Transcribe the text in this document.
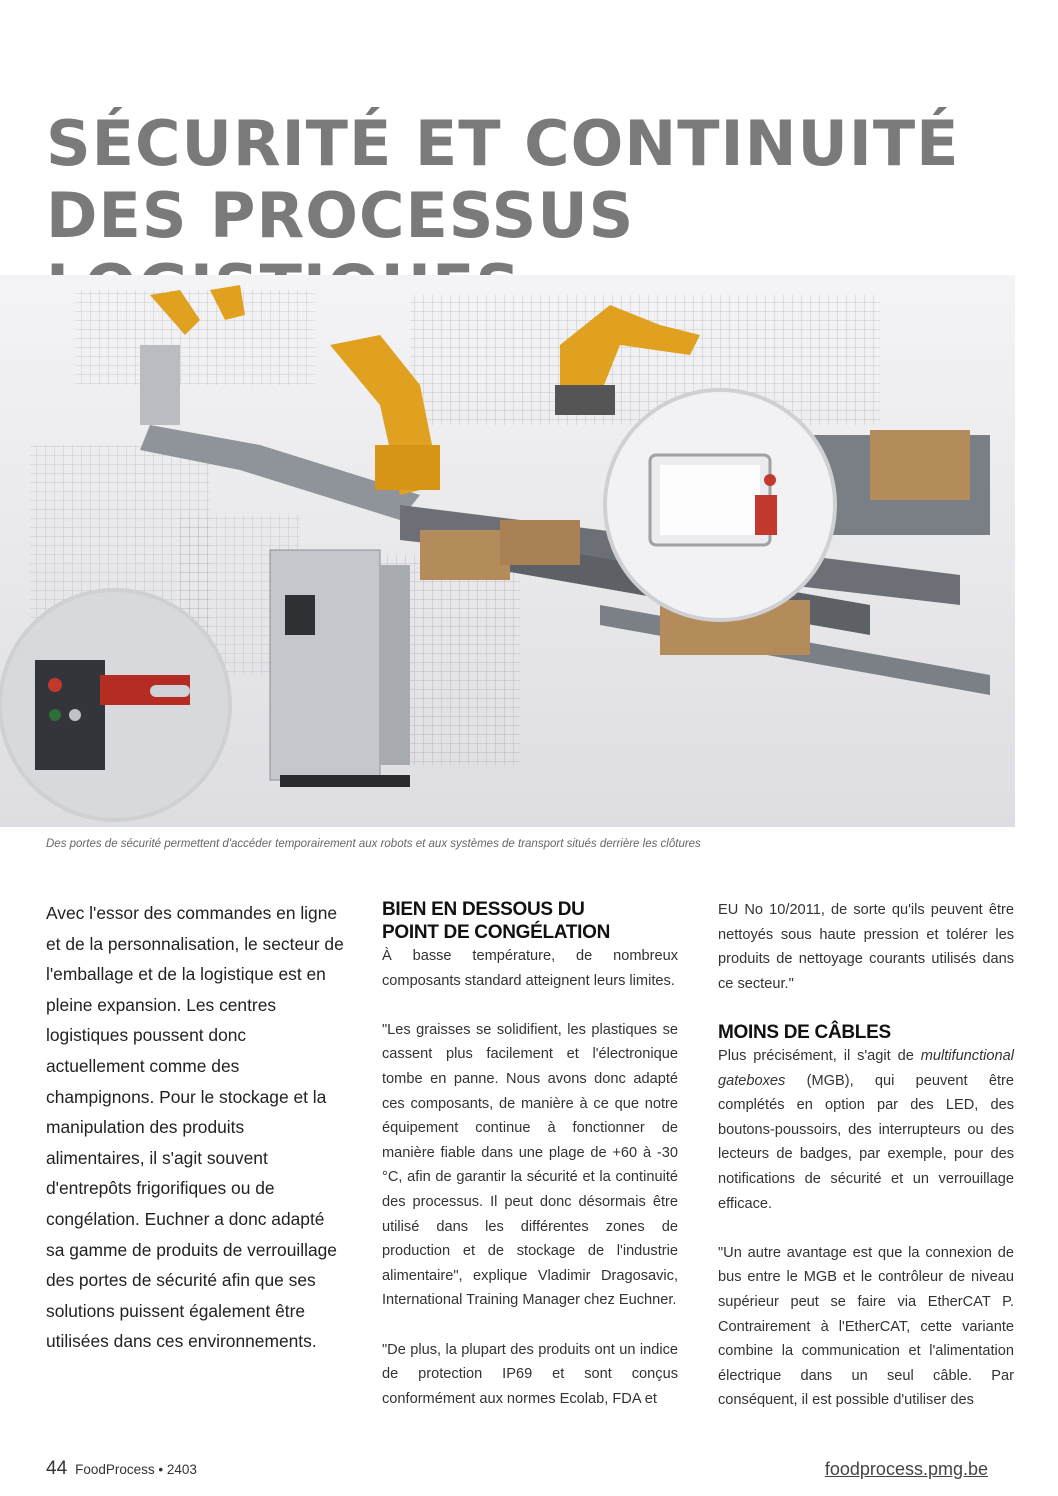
SÉCURITÉ ET CONTINUITÉ
DES PROCESSUS
Des portes de sécurité permettent d'accéder temporairement aux robots et aux systèmes de transport situés derrière les clôtures

Avec l'essor des commandes en ligne et de la personnalisation, le secteur de l'emballage et de la logistique est en pleine expansion. Les centres logistiques poussent donc actuellement comme des champignons. Pour le stockage et la manipulation des produits alimentaires, il s'agit souvent d'entrepôts frigorifiques ou de congélation. Euchner a donc adapté sa gamme de produits de verrouillage des portes de sécurité afin que ses solutions puissent également être utilisées dans ces environnements.

BIEN EN DESSOUS DU
POINT DE CONGÉLATION

À basse température, de nombreux composants standard atteignent leurs limites.

"Les graisses se solidifient, les plastiques se cassent plus facilement et l'électronique tombe en panne. Nous avons donc adapté ces composants, de manière à ce que notre équipement continue à fonctionner de manière fiable dans une plage de +60 à -30 °C, afin de garantir la sécurité et la continuité des processus. Il peut donc désormais être utilisé dans les différentes zones de production et de stockage de l'industrie alimentaire", explique Vladimir Dragosavic, International Training Manager chez Euchner.

"De plus, la plupart des produits ont un indice de protection IP69 et sont conçus conformément aux normes Ecolab, FDA et

EU No 10/2011, de sorte qu'ils peuvent être nettoyés sous haute pression et tolérer les produits de nettoyage courants utilisés dans ce secteur."

MOINS DE CÂBLES

Plus précisément, il s'agit de multifunctional gateboxes (MGB), qui peuvent être complétés en option par des LED, des boutons-poussoirs, des interrupteurs ou des lecteurs de badges, par exemple, pour des notifications de sécurité et un verrouillage efficace.

"Un autre avantage est que la connexion de bus entre le MGB et le contrôleur de niveau supérieur peut se faire via EtherCAT P. Contrairement à l'EtherCAT, cette variante combine la communication et l'alimentation électrique dans un seul câble. Par conséquent, il est possible d'utiliser des

44 FoodProcess • 2403	foodprocess.pmg.be
